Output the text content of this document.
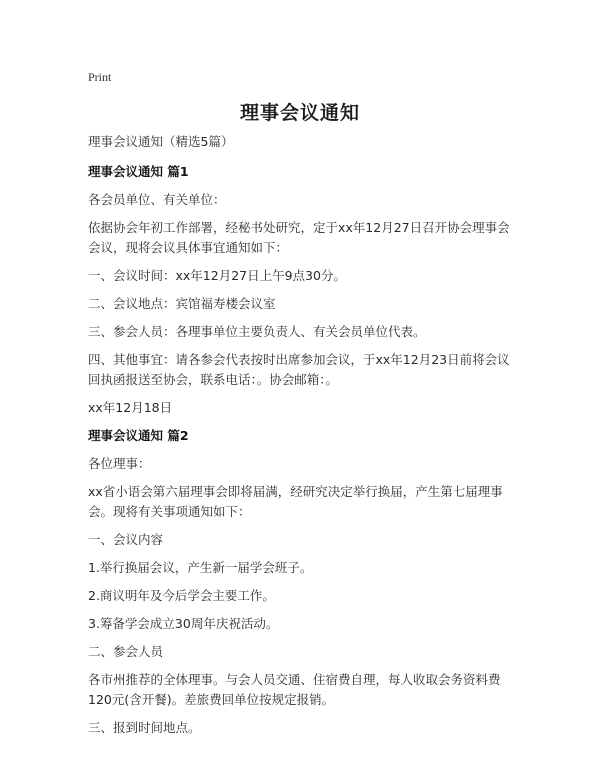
Print
理事会议通知

理事会议通知（精选5篇）

理事会议通知 篇1

各会员单位、有关单位：

依据协会年初工作部署，经秘书处研究，定于xx年12月27日召开协会理事会会议，现将会议具体事宜通知如下：

一、会议时间：xx年12月27日上午9点30分。

二、会议地点：宾馆福寿楼会议室

三、参会人员：各理事单位主要负责人、有关会员单位代表。

四、其他事宜：请各参会代表按时出席参加会议，于xx年12月23日前将会议回执函报送至协会，联系电话：。协会邮箱：。

xx年12月18日

理事会议通知 篇2

各位理事：

xx省小语会第六届理事会即将届满，经研究决定举行换届，产生第七届理事会。现将有关事项通知如下：

一、会议内容

1.举行换届会议，产生新一届学会班子。

2.商议明年及今后学会主要工作。

3.筹备学会成立30周年庆祝活动。

二、参会人员

各市州推荐的全体理事。与会人员交通、住宿费自理，每人收取会务资料费120元(含开餐)。差旅费回单位按规定报销。

三、报到时间地点。
